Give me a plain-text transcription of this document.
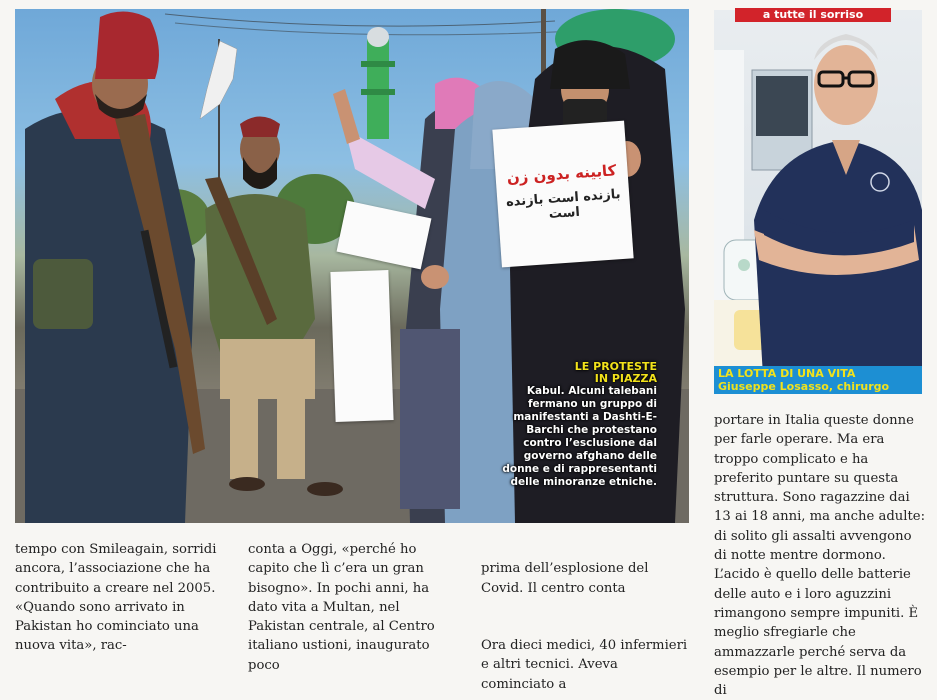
کابینه بدون زن
بازنده است بازنده است
LE PROTESTE
IN PIAZZA
Kabul. Alcuni talebani fermano un gruppo di manifestanti a Dashti-E-Barchi che protestano contro l’esclusione dal governo afghano delle donne e di rappresentanti delle minoranze etniche.
a tutte il sorriso
LA LOTTA DI UNA VITA
Giuseppe Losasso, chirurgo
tempo con Smileagain, sorridi ancora, l’associazione che ha contribuito a creare nel 2005. «Quando sono arrivato in Pakistan ho cominciato una nuova vita», rac-
conta a Oggi, «perché ho capito che lì c’era un gran bisogno». In pochi anni, ha dato vita a Multan, nel Pakistan centrale, al Centro italiano ustioni, inaugurato poco

prima dell’esplosione del Covid. Il centro conta

Ora dieci medici, 40 infermieri e altri tecnici. Aveva cominciato a

portare in Italia queste donne per farle operare. Ma era troppo complicato e ha preferito puntare su questa struttura. Sono ragazzine dai 13 ai 18 anni, ma anche adulte: di solito gli assalti avvengono di notte mentre dormono. L’acido è quello delle batterie delle auto e i loro aguzzini rimangono sempre impuniti. È meglio sfregiarle che ammazzarle perché serva da esempio per le altre. Il numero di
